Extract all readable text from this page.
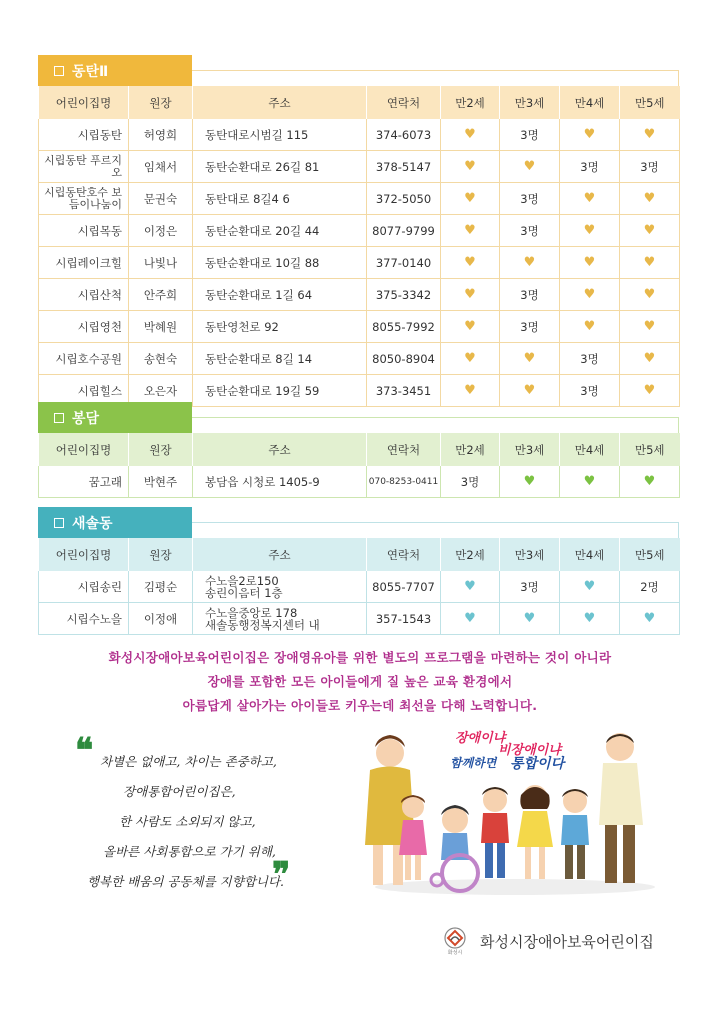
동탄Ⅱ
어린이집명	원장	주소	연락처	만2세	만3세	만4세	만5세
시립동탄	허영희	동탄대로시범길 115	374-6073	♥	3명	♥	♥
시립동탄 푸르지오	임채서	동탄순환대로 26길 81	378-5147	♥	♥	3명	3명
시립동탄호수 보듬이나눔이	문권숙	동탄대로 8길4 6	372-5050	♥	3명	♥	♥
시립목동	이정은	동탄순환대로 20길 44	8077-9799	♥	3명	♥	♥
시립레이크힐	나빛나	동탄순환대로 10길 88	377-0140	♥	♥	♥	♥
시립산척	안주희	동탄순환대로 1길 64	375-3342	♥	3명	♥	♥
시립영천	박혜원	동탄영천로 92	8055-7992	♥	3명	♥	♥
시립호수공원	송현숙	동탄순환대로 8길 14	8050-8904	♥	♥	3명	♥
시립힐스	오은자	동탄순환대로 19길 59	373-3451	♥	♥	3명	♥
봉담
어린이집명	원장	주소	연락처	만2세	만3세	만4세	만5세
꿈고래	박현주	봉담읍 시청로 1405-9	070-8253-0411	3명	♥	♥	♥
새솔동
어린이집명	원장	주소	연락처	만2세	만3세	만4세	만5세
시립송린	김평순	수노을2로150
송린이음터 1층	8055-7707	♥	3명	♥	2명
시립수노을	이정애	수노을중앙로 178
새솔동행정복지센터 내	357-1543	♥	♥	♥	♥
화성시장애아보육어린이집은 장애영유아를 위한 별도의 프로그램을 마련하는 것이 아니라
장애를 포함한 모든 아이들에게 질 높은 교육 환경에서
아름답게 살아가는 아이들로 키우는데 최선을 다해 노력합니다.
❝ 차별은 없애고, 차이는 존중하고,
장애통합어린이집은,
한 사람도 소외되지 않고,
올바른 사회통합으로 가기 위해,
행복한 배움의 공동체를 지향합니다.
❞
장애이냐
비장애이냐
함께하면 통합이다
화성시
화성시장애아보육어린이집
